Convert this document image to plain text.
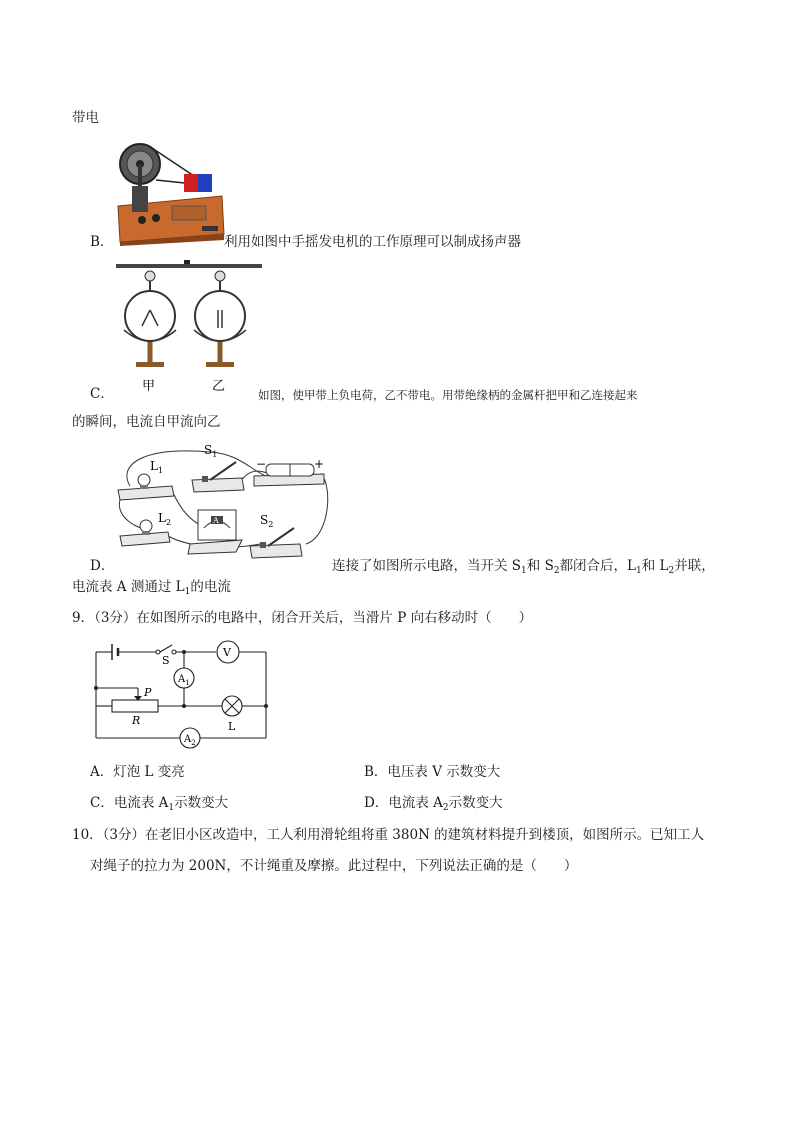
带电
B．	利用如图中手摇发电机的工作原理可以制成扬声器
甲	乙
C．	如图，使甲带上负电荷，乙不带电。用带绝缘柄的金属杆把甲和乙连接起来
的瞬间，电流自甲流向乙
$L_1$
$S_1$
−	+
$L_2$	A	$S_2$
D．	连接了如图所示电路，当开关 $S_1$和 $S_2$都闭合后，$L_1$和 $L_2$并联，
电流表 A 测通过 $L_1$的电流
9．（3分）在如图所示的电路中，闭合开关后，当滑片 P 向右移动时（　　）
S
V
$A_1$
P
R	L
$A_2$
A．灯泡 L 变亮	B．电压表 V 示数变大
C．电流表 $A_1$示数变大	D．电流表 $A_2$示数变大
10．（3分）在老旧小区改造中，工人利用滑轮组将重 380N 的建筑材料提升到楼顶，如图所示。已知工人
对绳子的拉力为 200N，不计绳重及摩擦。此过程中，下列说法正确的是（　　）
